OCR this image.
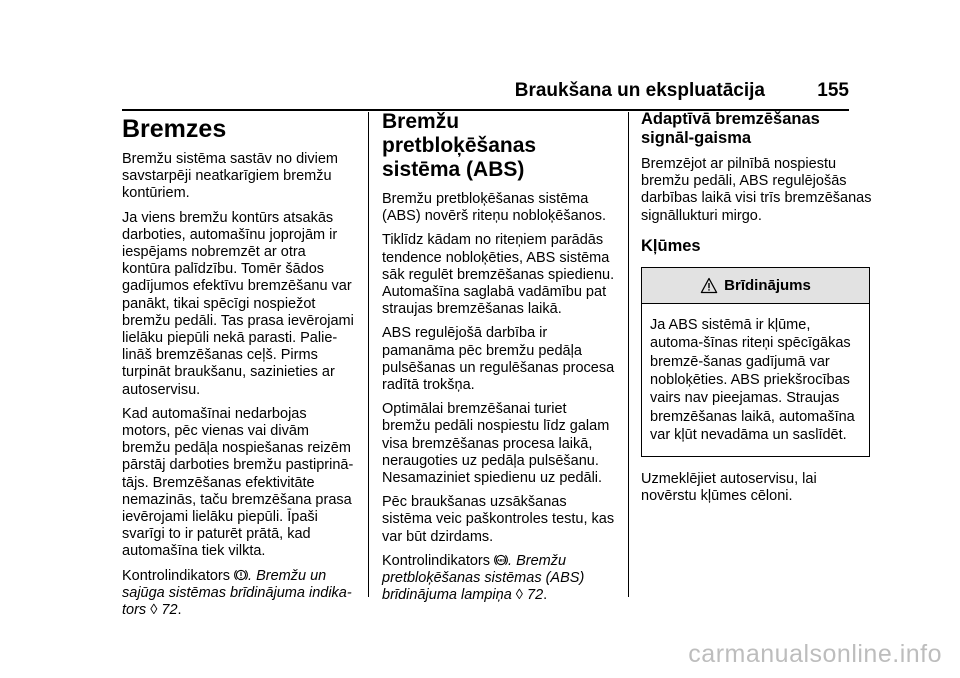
Braukšana un ekspluatācija	155
Bremzes

Bremžu sistēma sastāv no diviem savstarpēji neatkarīgiem bremžu kontūriem.

Ja viens bremžu kontūrs atsakās darboties, automašīnu joprojām ir iespējams nobremzēt ar otra kontūra palīdzību. Tomēr šādos gadījumos efektīvu bremzēšanu var panākt, tikai spēcīgi nospiežot bremžu pedāli. Tas prasa ievērojami lielāku piepūli nekā parasti. Palie-lināš bremzēšanas ceļš. Pirms turpināt braukšanu, sazinieties ar autoservisu.

Kad automašīnai nedarbojas motors, pēc vienas vai divām bremžu pedāļa nospiešanas reizēm pārstāj darboties bremžu pastiprinā-tājs. Bremzēšanas efektivitāte nemazinās, taču bremzēšana prasa ievērojami lielāku piepūli. Īpaši svarīgi to ir paturēt prātā, kad automašīna tiek vilkta.

Kontrolindikators . Bremžu un sajūga sistēmas brīdinājuma indika-tors ◊ 72.

Bremžu pretbloķēšanas sistēma (ABS)

Bremžu pretbloķēšanas sistēma (ABS) novērš riteņu nobloķēšanos.

Tiklīdz kādam no riteņiem parādās tendence nobloķēties, ABS sistēma sāk regulēt bremzēšanas spiedienu. Automašīna saglabā vadāmību pat straujas bremzēšanas laikā.

ABS regulējošā darbība ir pamanāma pēc bremžu pedāļa pulsēšanas un regulēšanas procesa radītā trokšņa.

Optimālai bremzēšanai turiet bremžu pedāli nospiestu līdz galam visa bremzēšanas procesa laikā, neraugoties uz pedāļa pulsēšanu. Nesamaziniet spiedienu uz pedāli.

Pēc braukšanas uzsākšanas sistēma veic paškontroles testu, kas var būt dzirdams.

Kontrolindikators ABS . Bremžu pretbloķēšanas sistēmas (ABS) brīdinājuma lampiņa ◊ 72.

Adaptīvā bremzēšanas signāl-gaisma

Bremzējot ar pilnībā nospiestu bremžu pedāli, ABS regulējošās darbības laikā visi trīs bremzēšanas signāllukturi mirgo.

Kļūmes
Brīdinājums
Ja ABS sistēmā ir kļūme, automa-šīnas riteņi spēcīgākas bremzē-šanas gadījumā var nobloķēties. ABS priekšrocības vairs nav pieejamas. Straujas bremzēšanas laikā, automašīna var kļūt nevadāma un saslīdēt.

Uzmeklējiet autoservisu, lai novērstu kļūmes cēloni.

carmanualsonline.info
